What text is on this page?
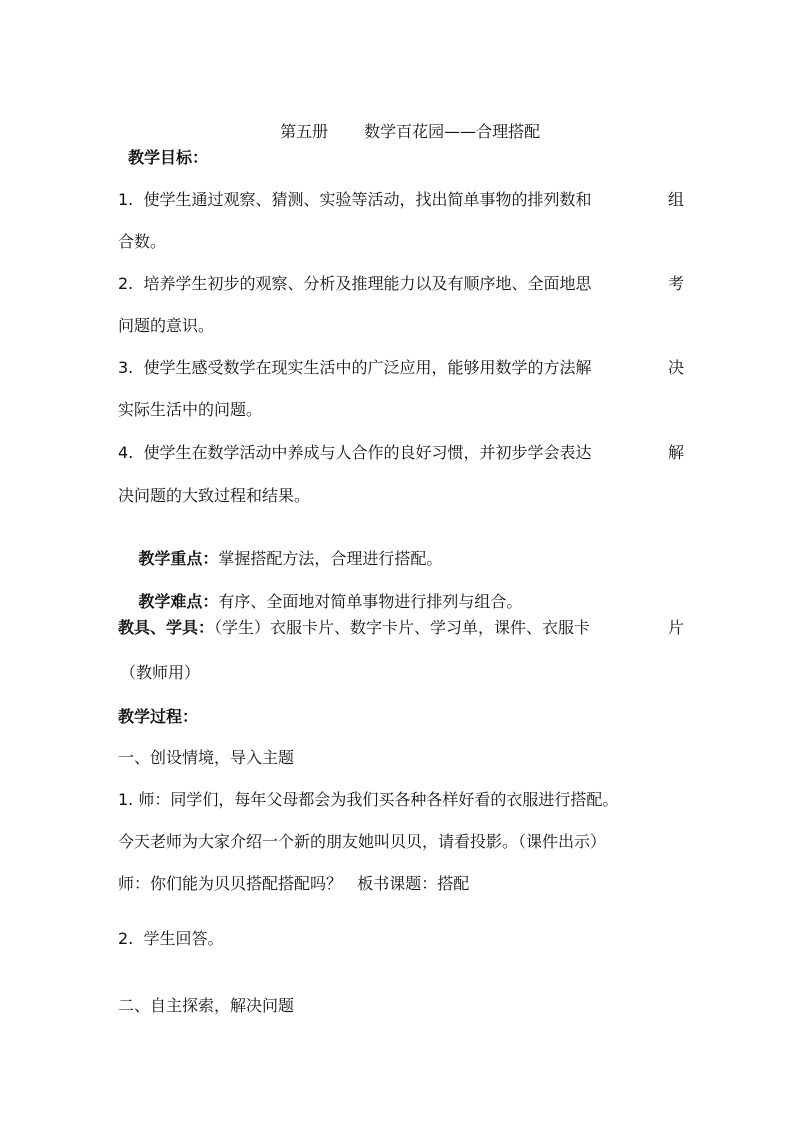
第五册 数学百花园——合理搭配

教学目标：
1.  使学生通过观察、猜测、实验等活动，找出简单事物的排列数和	组
合数。
2.  培养学生初步的观察、分析及推理能力以及有顺序地、全面地思	考
问题的意识。
3.  使学生感受数学在现实生活中的广泛应用，能够用数学的方法解	决
实际生活中的问题。
4.  使学生在数学活动中养成与人合作的良好习惯，并初步学会表达	解
决问题的大致过程和结果。

教学重点：掌握搭配方法，合理进行搭配。

教学难点：有序、全面地对简单事物进行排列与组合。

教具、学具：（学生）衣服卡片、数字卡片、学习单，课件、衣服卡	片
（教师用）
教学过程：
一、创设情境，导入主题
1. 师：同学们，每年父母都会为我们买各种各样好看的衣服进行搭配。
今天老师为大家介绍一个新的朋友她叫贝贝，请看投影。（课件出示）
师：你们能为贝贝搭配搭配吗？   板书课题：搭配
2.  学生回答。
二、自主探索，解决问题
